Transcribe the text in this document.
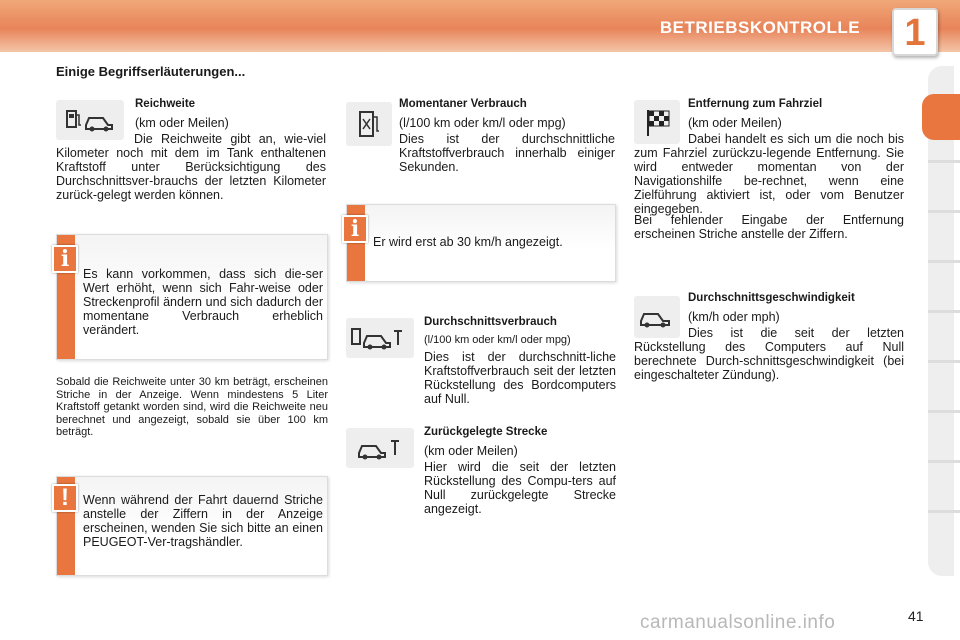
BETRIEBSKONTROLLE	1
Einige Begriffserläuterungen...
Reichweite
(km oder Meilen)
Die Reichweite gibt an, wie-viel Kilometer noch mit dem im Tank enthaltenen Kraftstoff unter Berücksichtigung des Durchschnittsver-brauchs der letzten Kilometer zurück-gelegt werden können.
Es kann vorkommen, dass sich die-ser Wert erhöht, wenn sich Fahr-weise oder Streckenprofil ändern und sich dadurch der momentane Verbrauch erheblich verändert.
i
Sobald die Reichweite unter 30 km beträgt, erscheinen Striche in der Anzeige. Wenn mindestens 5 Liter Kraftstoff getankt worden sind, wird die Reichweite neu berechnet und angezeigt, sobald sie über 100 km beträgt.
Wenn während der Fahrt dauernd Striche anstelle der Ziffern in der Anzeige erscheinen, wenden Sie sich bitte an einen PEUGEOT-Ver-tragshändler.
!
Momentaner Verbrauch
(l/100 km oder km/l oder mpg)
Dies ist der durchschnittliche Kraftstoffverbrauch innerhalb einiger Sekunden.
Er wird erst ab 30 km/h angezeigt.
i
Durchschnittsverbrauch
(l/100 km oder km/l oder mpg)
Dies ist der durchschnitt-liche Kraftstoffverbrauch seit der letzten Rückstellung des Bordcomputers auf Null.
Zurückgelegte Strecke
(km oder Meilen)
Hier wird die seit der letzten Rückstellung des Compu-ters auf Null zurückgelegte Strecke angezeigt.
Entfernung zum Fahrziel
(km oder Meilen)
Dabei handelt es sich um die noch bis zum Fahrziel zurückzu-legende Entfernung. Sie wird entweder momentan von der Navigationshilfe be-rechnet, wenn eine Zielführung aktiviert ist, oder vom Benutzer eingegeben.
Bei fehlender Eingabe der Entfernung erscheinen Striche anstelle der Ziffern.
Durchschnittsgeschwindigkeit
(km/h oder mph)
Dies ist die seit der letzten Rückstellung des Computers auf Null berechnete Durch-schnittsgeschwindigkeit (bei eingeschalteter Zündung).
carmanualsonline.info	41
